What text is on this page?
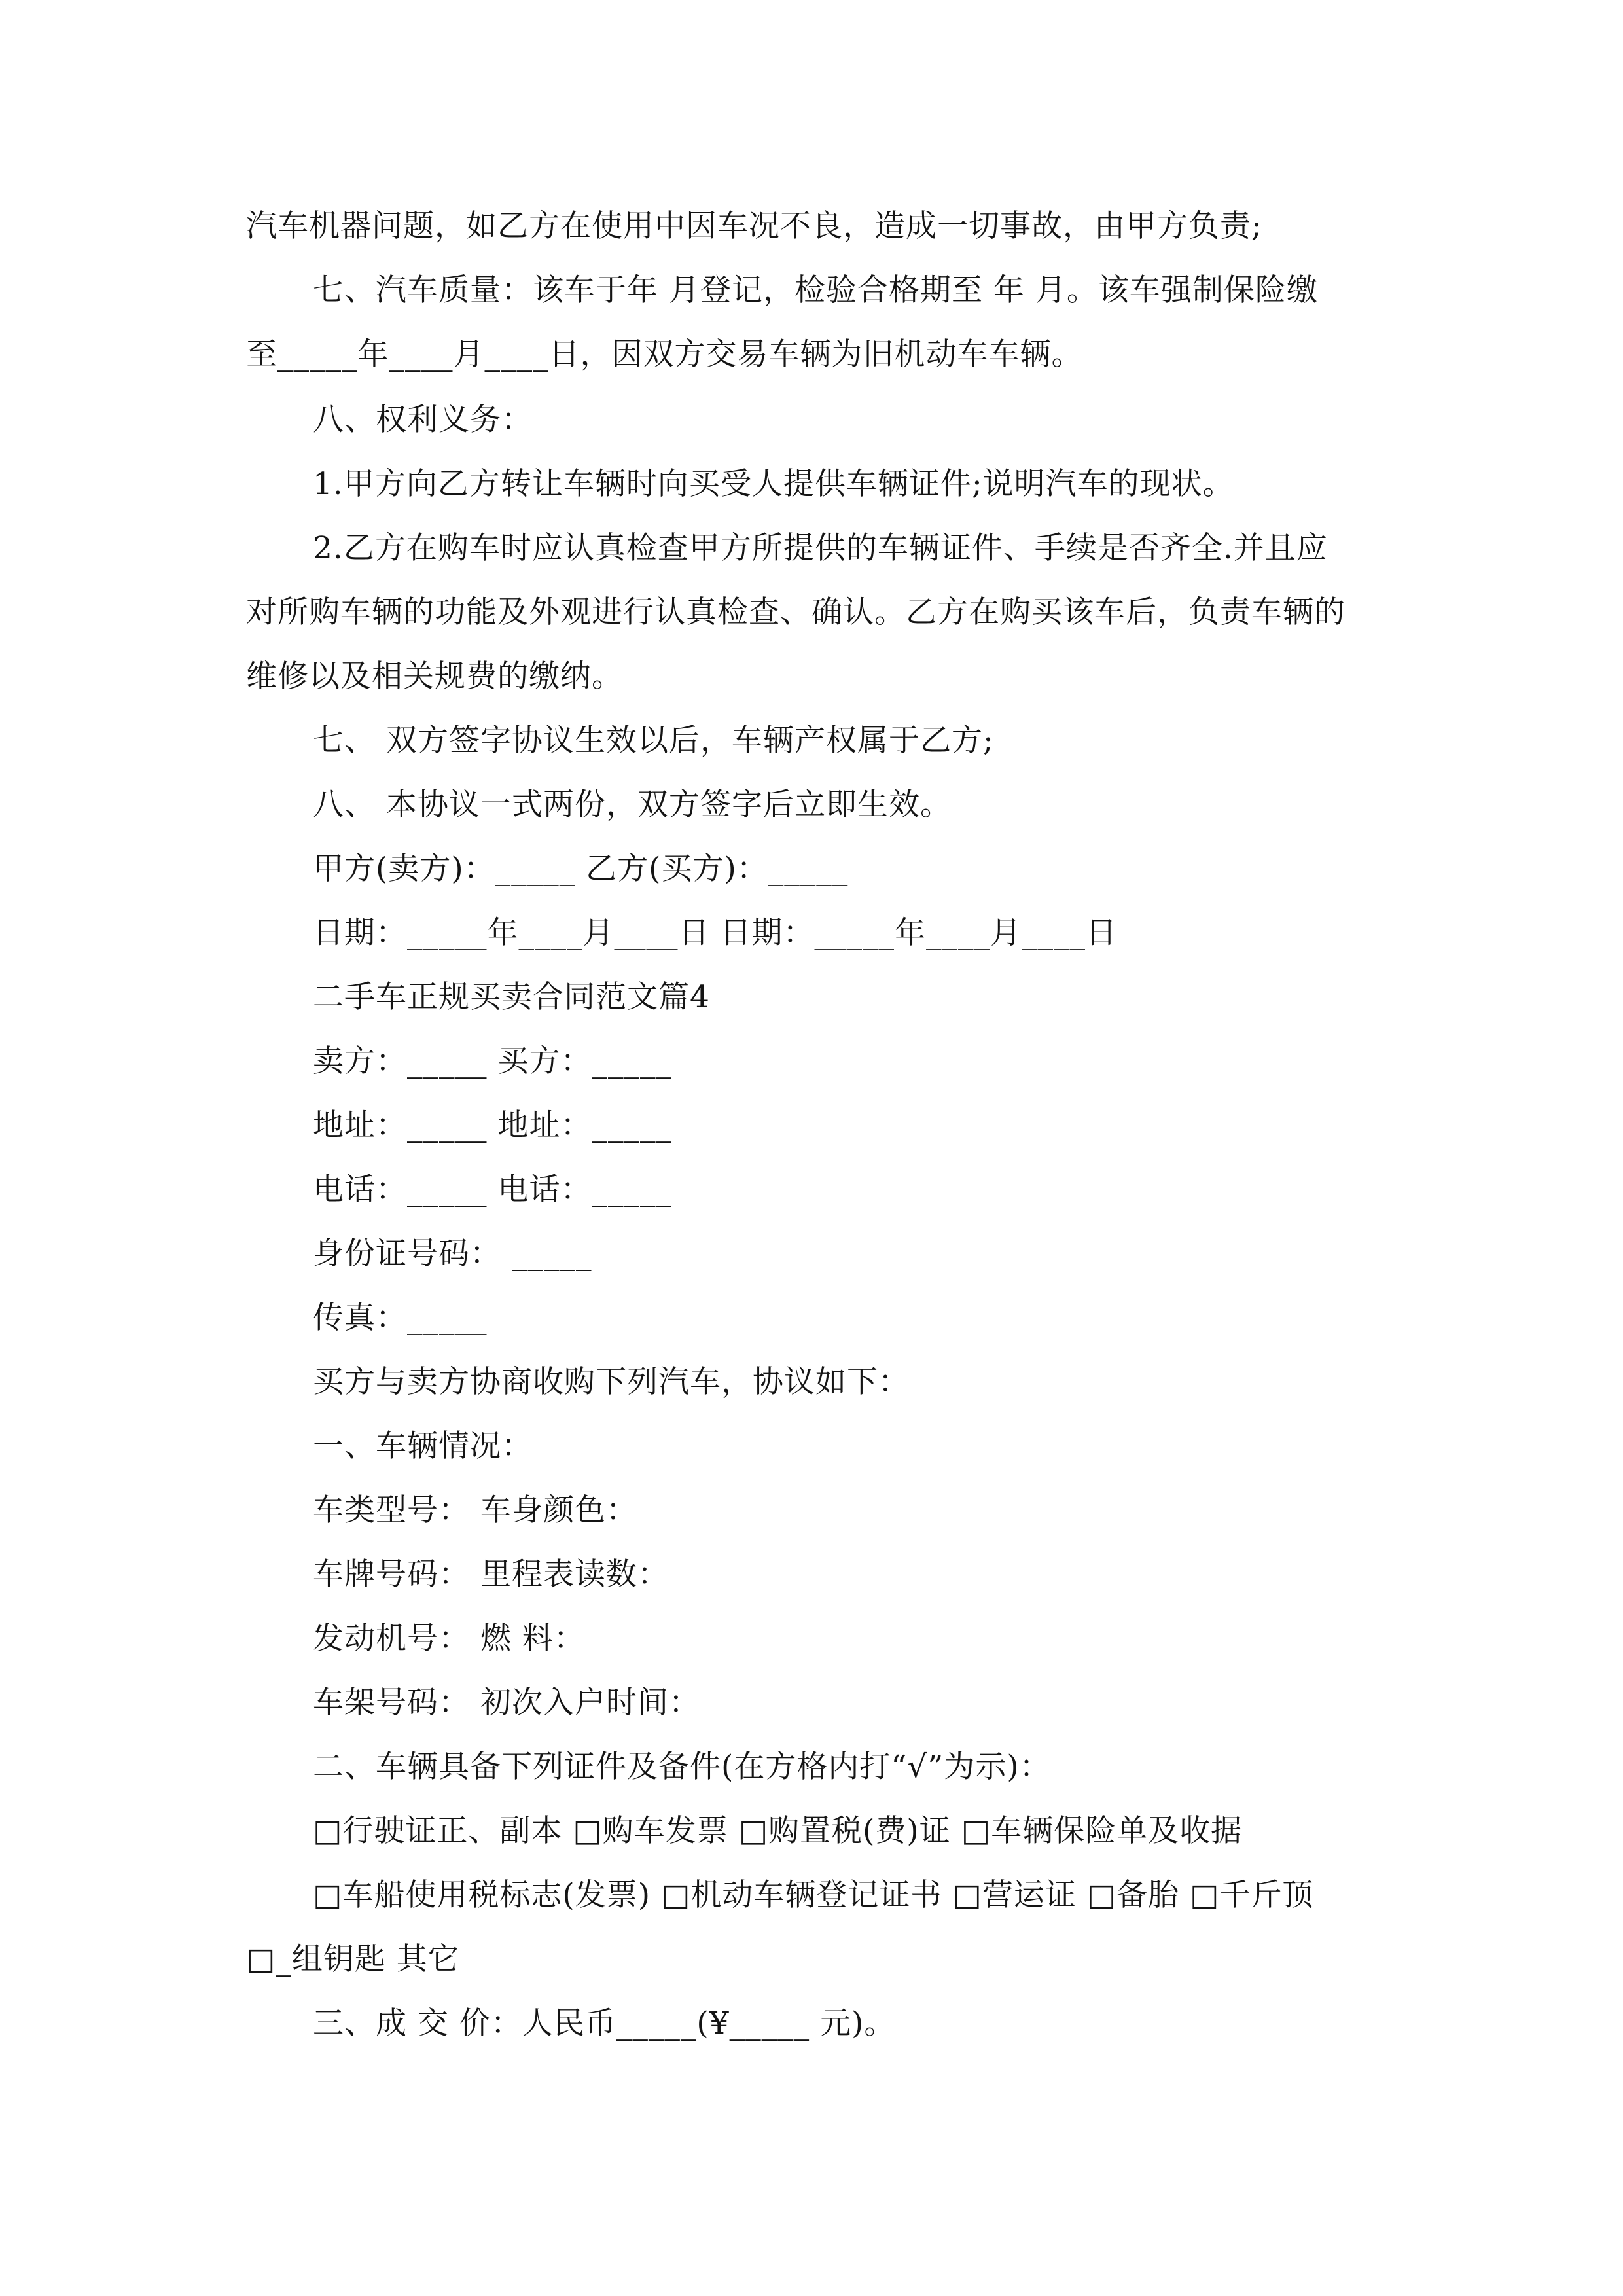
汽车机器问题，如乙方在使用中因车况不良，造成一切事故，由甲方负责;
七、汽车质量：该车于年 月登记，检验合格期至 年 月。该车强制保险缴
至_____年____月____日，因双方交易车辆为旧机动车车辆。
八、权利义务：
1.甲方向乙方转让车辆时向买受人提供车辆证件;说明汽车的现状。
2.乙方在购车时应认真检查甲方所提供的车辆证件、手续是否齐全.并且应
对所购车辆的功能及外观进行认真检查、确认。乙方在购买该车后，负责车辆的
维修以及相关规费的缴纳。
七、 双方签字协议生效以后，车辆产权属于乙方;
八、 本协议一式两份，双方签字后立即生效。
甲方(卖方)：_____ 乙方(买方)：_____
日期：_____年____月____日 日期：_____年____月____日
二手车正规买卖合同范文篇4
卖方：_____ 买方：_____
地址：_____ 地址：_____
电话：_____ 电话：_____
身份证号码： _____
传真：_____
买方与卖方协商收购下列汽车，协议如下：
一、车辆情况：
车类型号： 车身颜色：
车牌号码： 里程表读数：
发动机号： 燃 料：
车架号码： 初次入户时间：
二、车辆具备下列证件及备件(在方格内打“√”为示)：
□行驶证正、副本 □购车发票 □购置税(费)证 □车辆保险单及收据
□车船使用税标志(发票) □机动车辆登记证书 □营运证 □备胎 □千斤顶
□_组钥匙 其它
三、成 交 价：人民币_____(¥_____ 元)。
